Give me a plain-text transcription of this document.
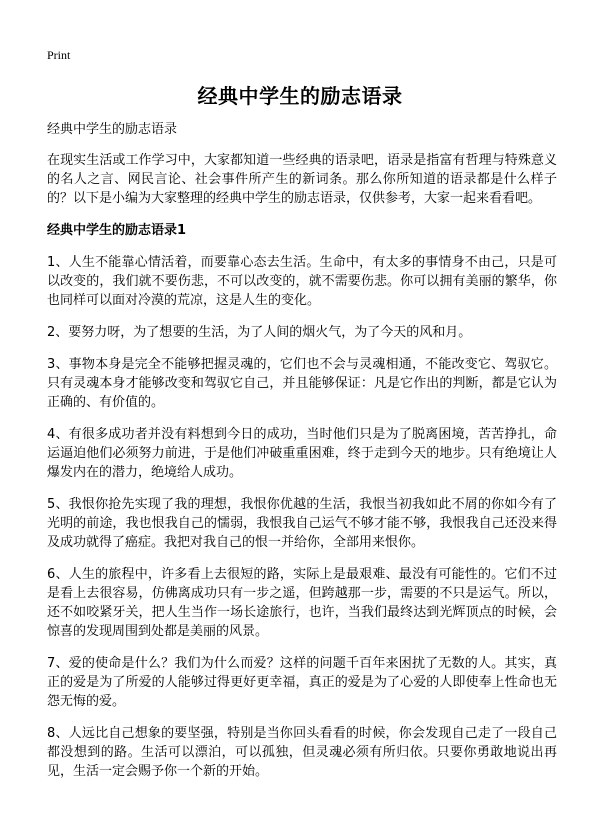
Print
经典中学生的励志语录

经典中学生的励志语录

在现实生活或工作学习中，大家都知道一些经典的语录吧，语录是指富有哲理与特殊意义的名人之言、网民言论、社会事件所产生的新词条。那么你所知道的语录都是什么样子的？以下是小编为大家整理的经典中学生的励志语录，仅供参考，大家一起来看看吧。

经典中学生的励志语录1

1、人生不能靠心情活着，而要靠心态去生活。生命中，有太多的事情身不由己，只是可以改变的，我们就不要伤悲，不可以改变的，就不需要伤悲。你可以拥有美丽的繁华，你也同样可以面对冷漠的荒凉，这是人生的变化。

2、要努力呀，为了想要的生活，为了人间的烟火气，为了今天的风和月。

3、事物本身是完全不能够把握灵魂的，它们也不会与灵魂相通，不能改变它、驾驭它。只有灵魂本身才能够改变和驾驭它自己，并且能够保证：凡是它作出的判断，都是它认为正确的、有价值的。

4、有很多成功者并没有料想到今日的成功，当时他们只是为了脱离困境，苦苦挣扎，命运逼迫他们必须努力前进，于是他们冲破重重困难，终于走到今天的地步。只有绝境让人爆发内在的潜力，绝境给人成功。

5、我恨你抢先实现了我的理想，我恨你优越的生活，我恨当初我如此不屑的你如今有了光明的前途，我也恨我自己的懦弱，我恨我自己运气不够才能不够，我恨我自己还没来得及成功就得了癌症。我把对我自己的恨一并给你，全部用来恨你。

6、人生的旅程中，许多看上去很短的路，实际上是最艰难、最没有可能性的。它们不过是看上去很容易，仿佛离成功只有一步之遥，但跨越那一步，需要的不只是运气。所以，还不如咬紧牙关，把人生当作一场长途旅行，也许，当我们最终达到光辉顶点的时候，会惊喜的发现周围到处都是美丽的风景。

7、爱的使命是什么？我们为什么而爱？这样的问题千百年来困扰了无数的人。其实，真正的爱是为了所爱的人能够过得更好更幸福，真正的爱是为了心爱的人即使奉上性命也无怨无悔的爱。

8、人远比自己想象的要坚强，特别是当你回头看看的时候，你会发现自己走了一段自己都没想到的路。生活可以漂泊，可以孤独，但灵魂必须有所归依。只要你勇敢地说出再见，生活一定会赐予你一个新的开始。
